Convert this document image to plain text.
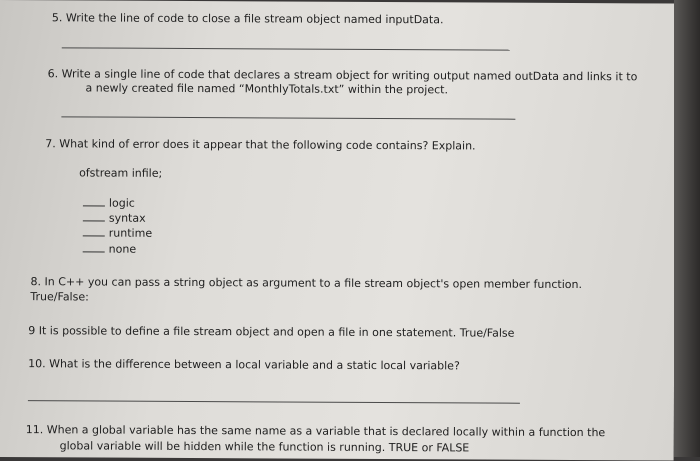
5. Write the line of code to close a file stream object named inputData.
6. Write a single line of code that declares a stream object for writing output named outData and links it to
a newly created file named “MonthlyTotals.txt” within the project.
7. What kind of error does it appear that the following code contains? Explain.
ofstream infile;
logic
syntax
runtime
none
8. In C++ you can pass a string object as argument to a file stream object's open member function.
True/False:
9 It is possible to define a file stream object and open a file in one statement. True/False
10. What is the difference between a local variable and a static local variable?
11. When a global variable has the same name as a variable that is declared locally within a function the
global variable will be hidden while the function is running. TRUE or FALSE
